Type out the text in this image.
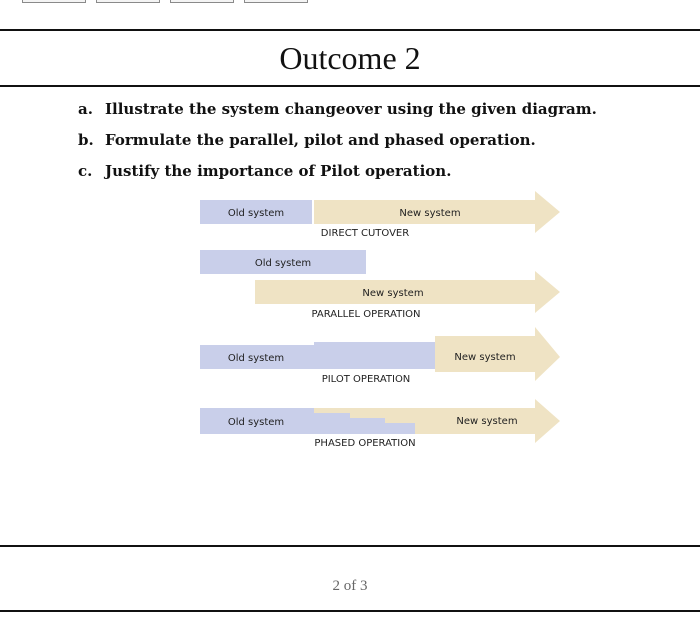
Outcome 2
a. Illustrate the system changeover using the given diagram.
b. Formulate the parallel, pilot and phased operation.
c. Justify the importance of Pilot operation.
Old system	New system
DIRECT CUTOVER
Old system
New system
PARALLEL OPERATION
Old system	New system
PILOT OPERATION
Old system	New system
PHASED OPERATION
2 of 3
